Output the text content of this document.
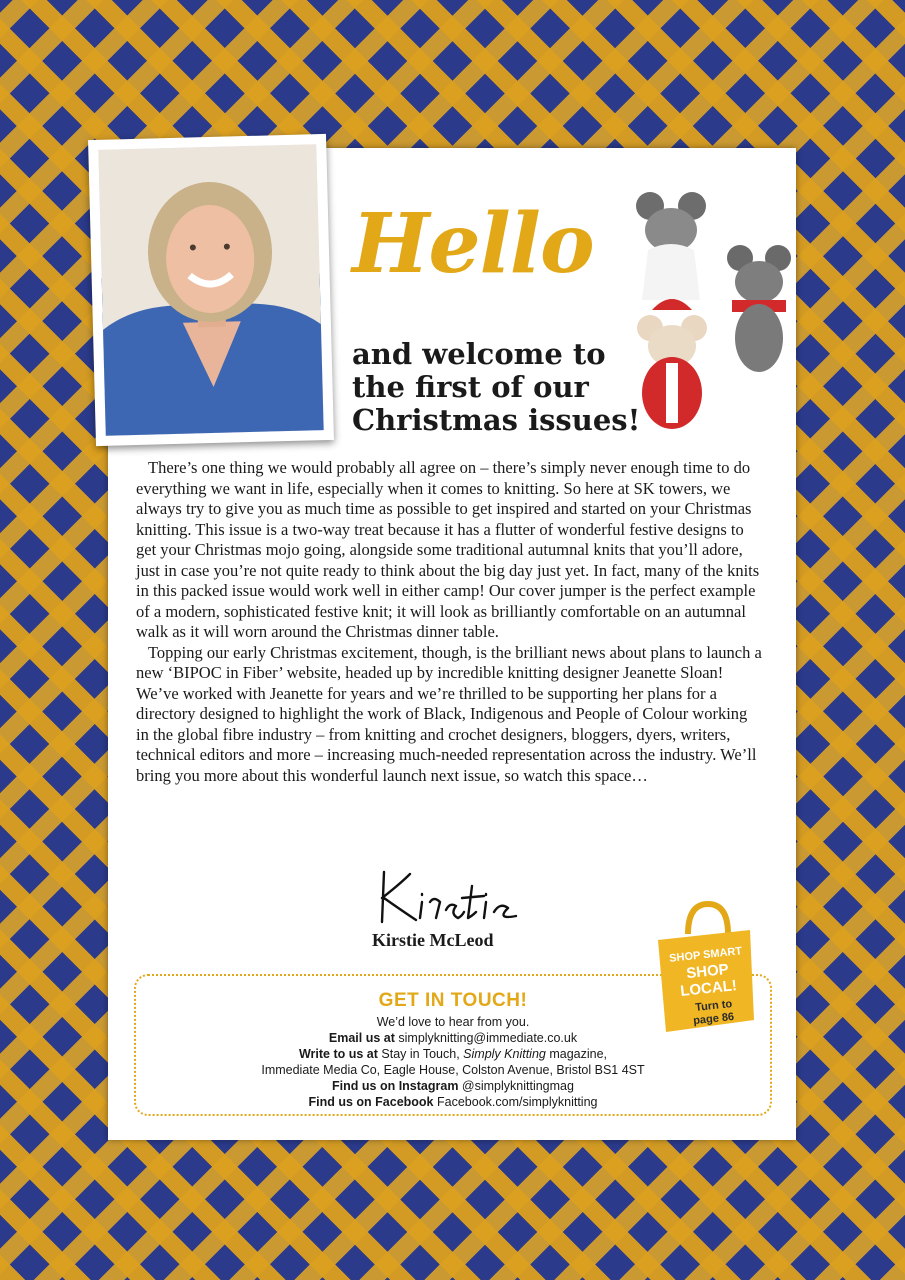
Hello
and welcome to the first of our Christmas issues!

There’s one thing we would probably all agree on – there’s simply never enough time to do everything we want in life, especially when it comes to knitting. So here at SK towers, we always try to give you as much time as possible to get inspired and started on your Christmas knitting. This issue is a two-way treat because it has a flutter of wonderful festive designs to get your Christmas mojo going, alongside some traditional autumnal knits that you’ll adore, just in case you’re not quite ready to think about the big day just yet. In fact, many of the knits in this packed issue would work well in either camp! Our cover jumper is the perfect example of a modern, sophisticated festive knit; it will look as brilliantly comfortable on an autumnal walk as it will worn around the Christmas dinner table.

Topping our early Christmas excitement, though, is the brilliant news about plans to launch a new ‘BIPOC in Fiber’ website, headed up by incredible knitting designer Jeanette Sloan! We’ve worked with Jeanette for years and we’re thrilled to be supporting her plans for a directory designed to highlight the work of Black, Indigenous and People of Colour working in the global fibre industry – from knitting and crochet designers, bloggers, dyers, writers, technical editors and more – increasing much-needed representation across the industry. We’ll bring you more about this wonderful launch next issue, so watch this space…

Kirstie McLeod

GET IN TOUCH!
We’d love to hear from you.
Email us at simplyknitting@immediate.co.uk
Write to us at Stay in Touch, Simply Knitting magazine,
Immediate Media Co, Eagle House, Colston Avenue, Bristol BS1 4ST
Find us on Instagram @simplyknittingmag
Find us on Facebook Facebook.com/simplyknitting
SHOP SMART
SHOP
LOCAL!
Turn to
page 86
